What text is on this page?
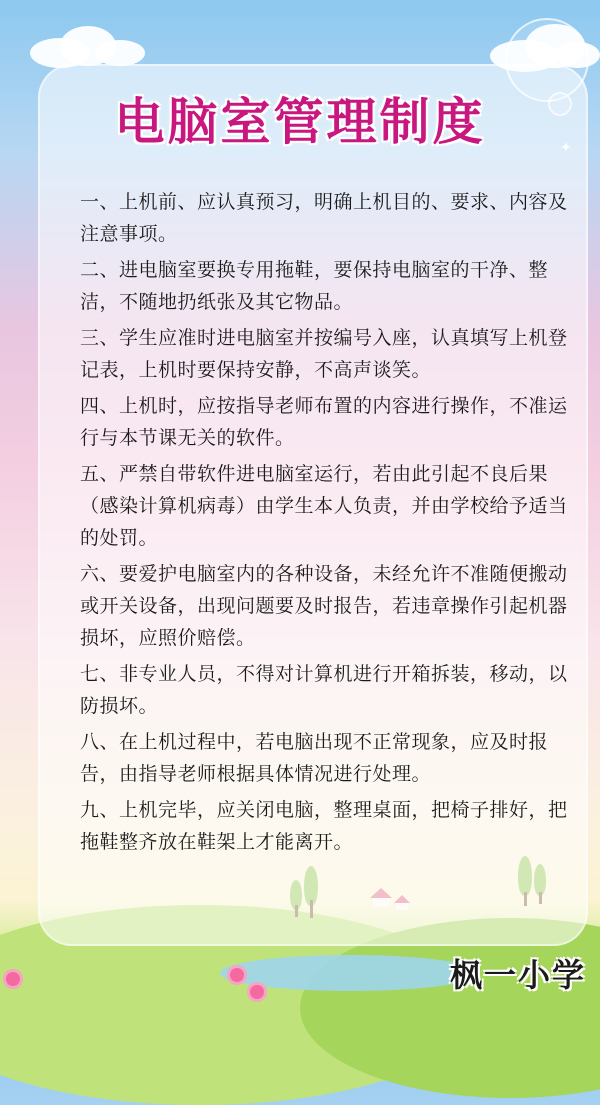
电脑室管理制度
一、上机前、应认真预习，明确上机目的、要求、内容及注意事项。
二、进电脑室要换专用拖鞋，要保持电脑室的干净、整洁，不随地扔纸张及其它物品。
三、学生应准时进电脑室并按编号入座，认真填写上机登记表，上机时要保持安静，不高声谈笑。
四、上机时，应按指导老师布置的内容进行操作，不准运行与本节课无关的软件。
五、严禁自带软件进电脑室运行，若由此引起不良后果（感染计算机病毒）由学生本人负责，并由学校给予适当的处罚。
六、要爱护电脑室内的各种设备，未经允许不准随便搬动或开关设备，出现问题要及时报告，若违章操作引起机器损坏，应照价赔偿。
七、非专业人员，不得对计算机进行开箱拆装，移动，以防损坏。
八、在上机过程中，若电脑出现不正常现象，应及时报告，由指导老师根据具体情况进行处理。
九、上机完毕，应关闭电脑，整理桌面，把椅子排好，把拖鞋整齐放在鞋架上才能离开。
枫一小学
